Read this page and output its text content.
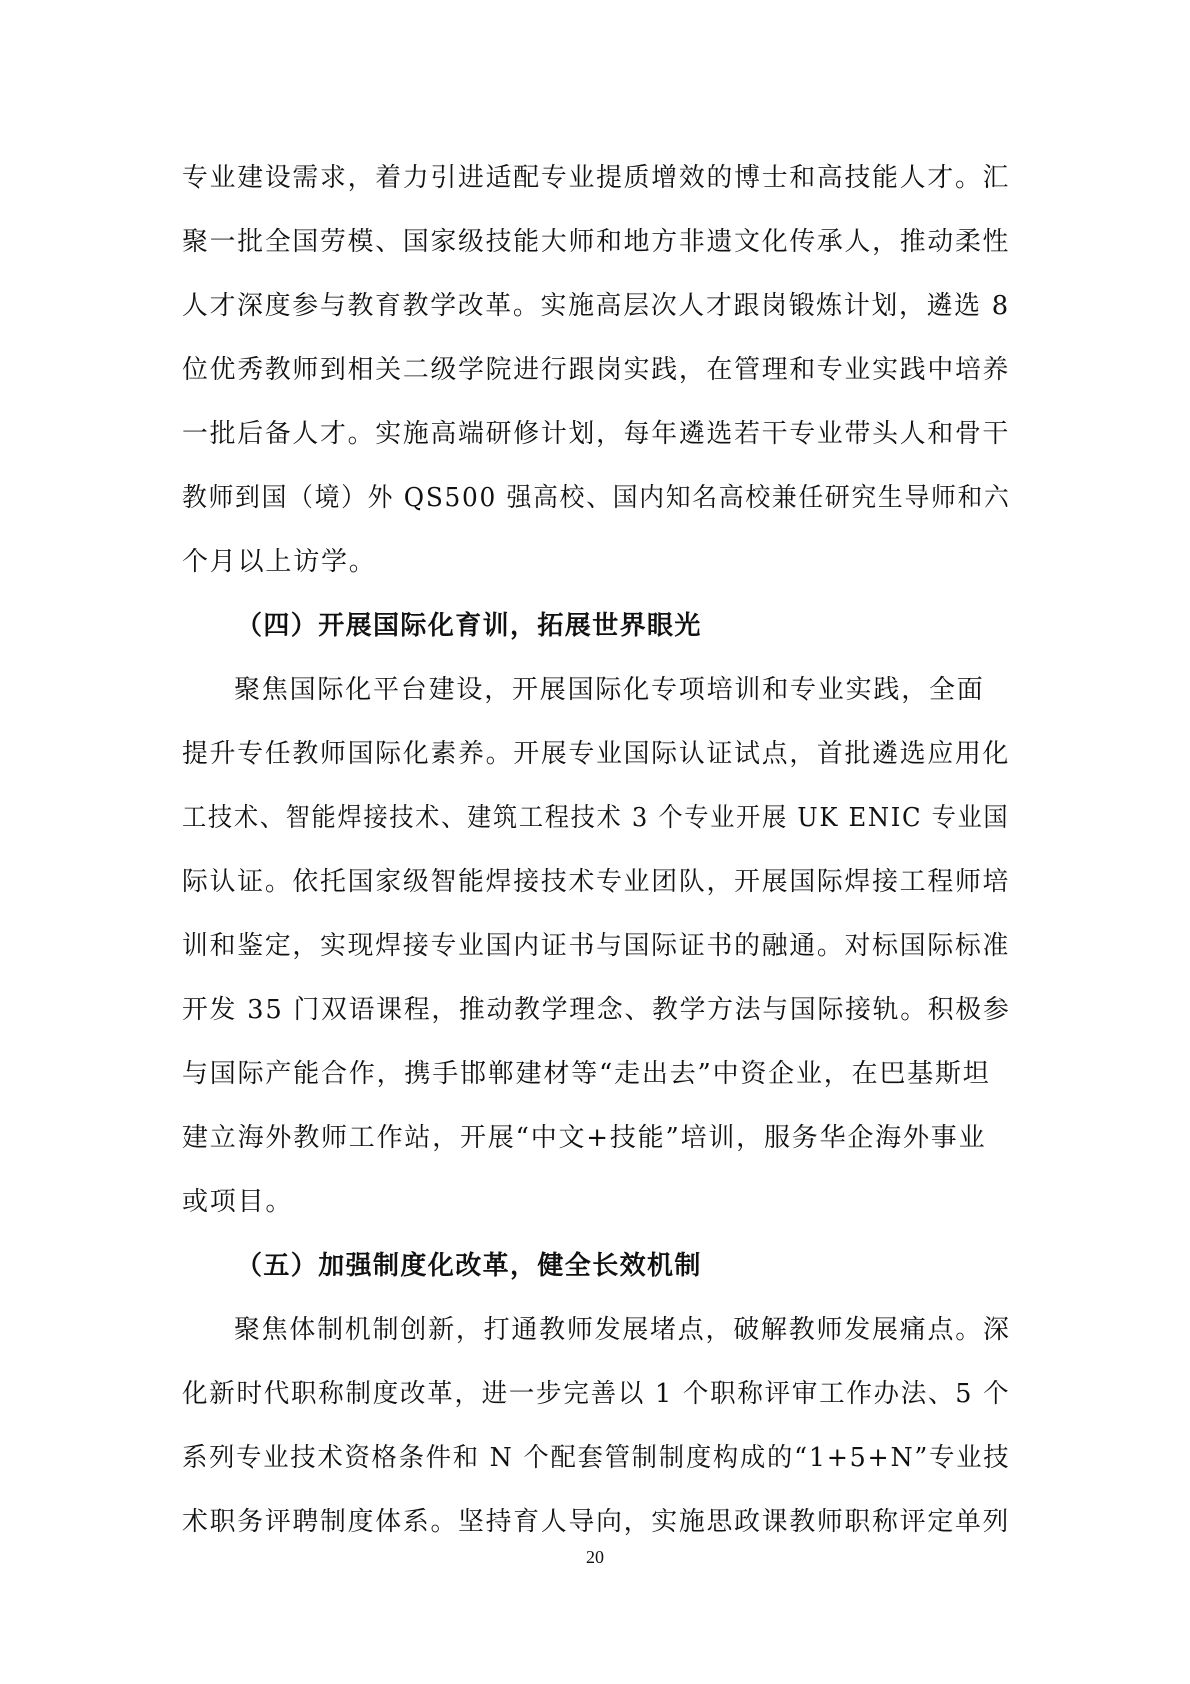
专业建设需求，着力引进适配专业提质增效的博士和高技能人才。汇
聚一批全国劳模、国家级技能大师和地方非遗文化传承人，推动柔性
人才深度参与教育教学改革。实施高层次人才跟岗锻炼计划，遴选 8
位优秀教师到相关二级学院进行跟岗实践，在管理和专业实践中培养
一批后备人才。实施高端研修计划，每年遴选若干专业带头人和骨干
教师到国（境）外 QS500 强高校、国内知名高校兼任研究生导师和六
个月以上访学。
（四）开展国际化育训，拓展世界眼光
聚焦国际化平台建设，开展国际化专项培训和专业实践，全面
提升专任教师国际化素养。开展专业国际认证试点，首批遴选应用化
工技术、智能焊接技术、建筑工程技术 3 个专业开展 UK ENIC 专业国
际认证。依托国家级智能焊接技术专业团队，开展国际焊接工程师培
训和鉴定，实现焊接专业国内证书与国际证书的融通。对标国际标准
开发 35 门双语课程，推动教学理念、教学方法与国际接轨。积极参
与国际产能合作，携手邯郸建材等“走出去”中资企业，在巴基斯坦
建立海外教师工作站，开展“中文+技能”培训，服务华企海外事业
或项目。
（五）加强制度化改革，健全长效机制
聚焦体制机制创新，打通教师发展堵点，破解教师发展痛点。深
化新时代职称制度改革，进一步完善以 1 个职称评审工作办法、5 个
系列专业技术资格条件和 N 个配套管制制度构成的“1+5+N”专业技
术职务评聘制度体系。坚持育人导向，实施思政课教师职称评定单列
20
